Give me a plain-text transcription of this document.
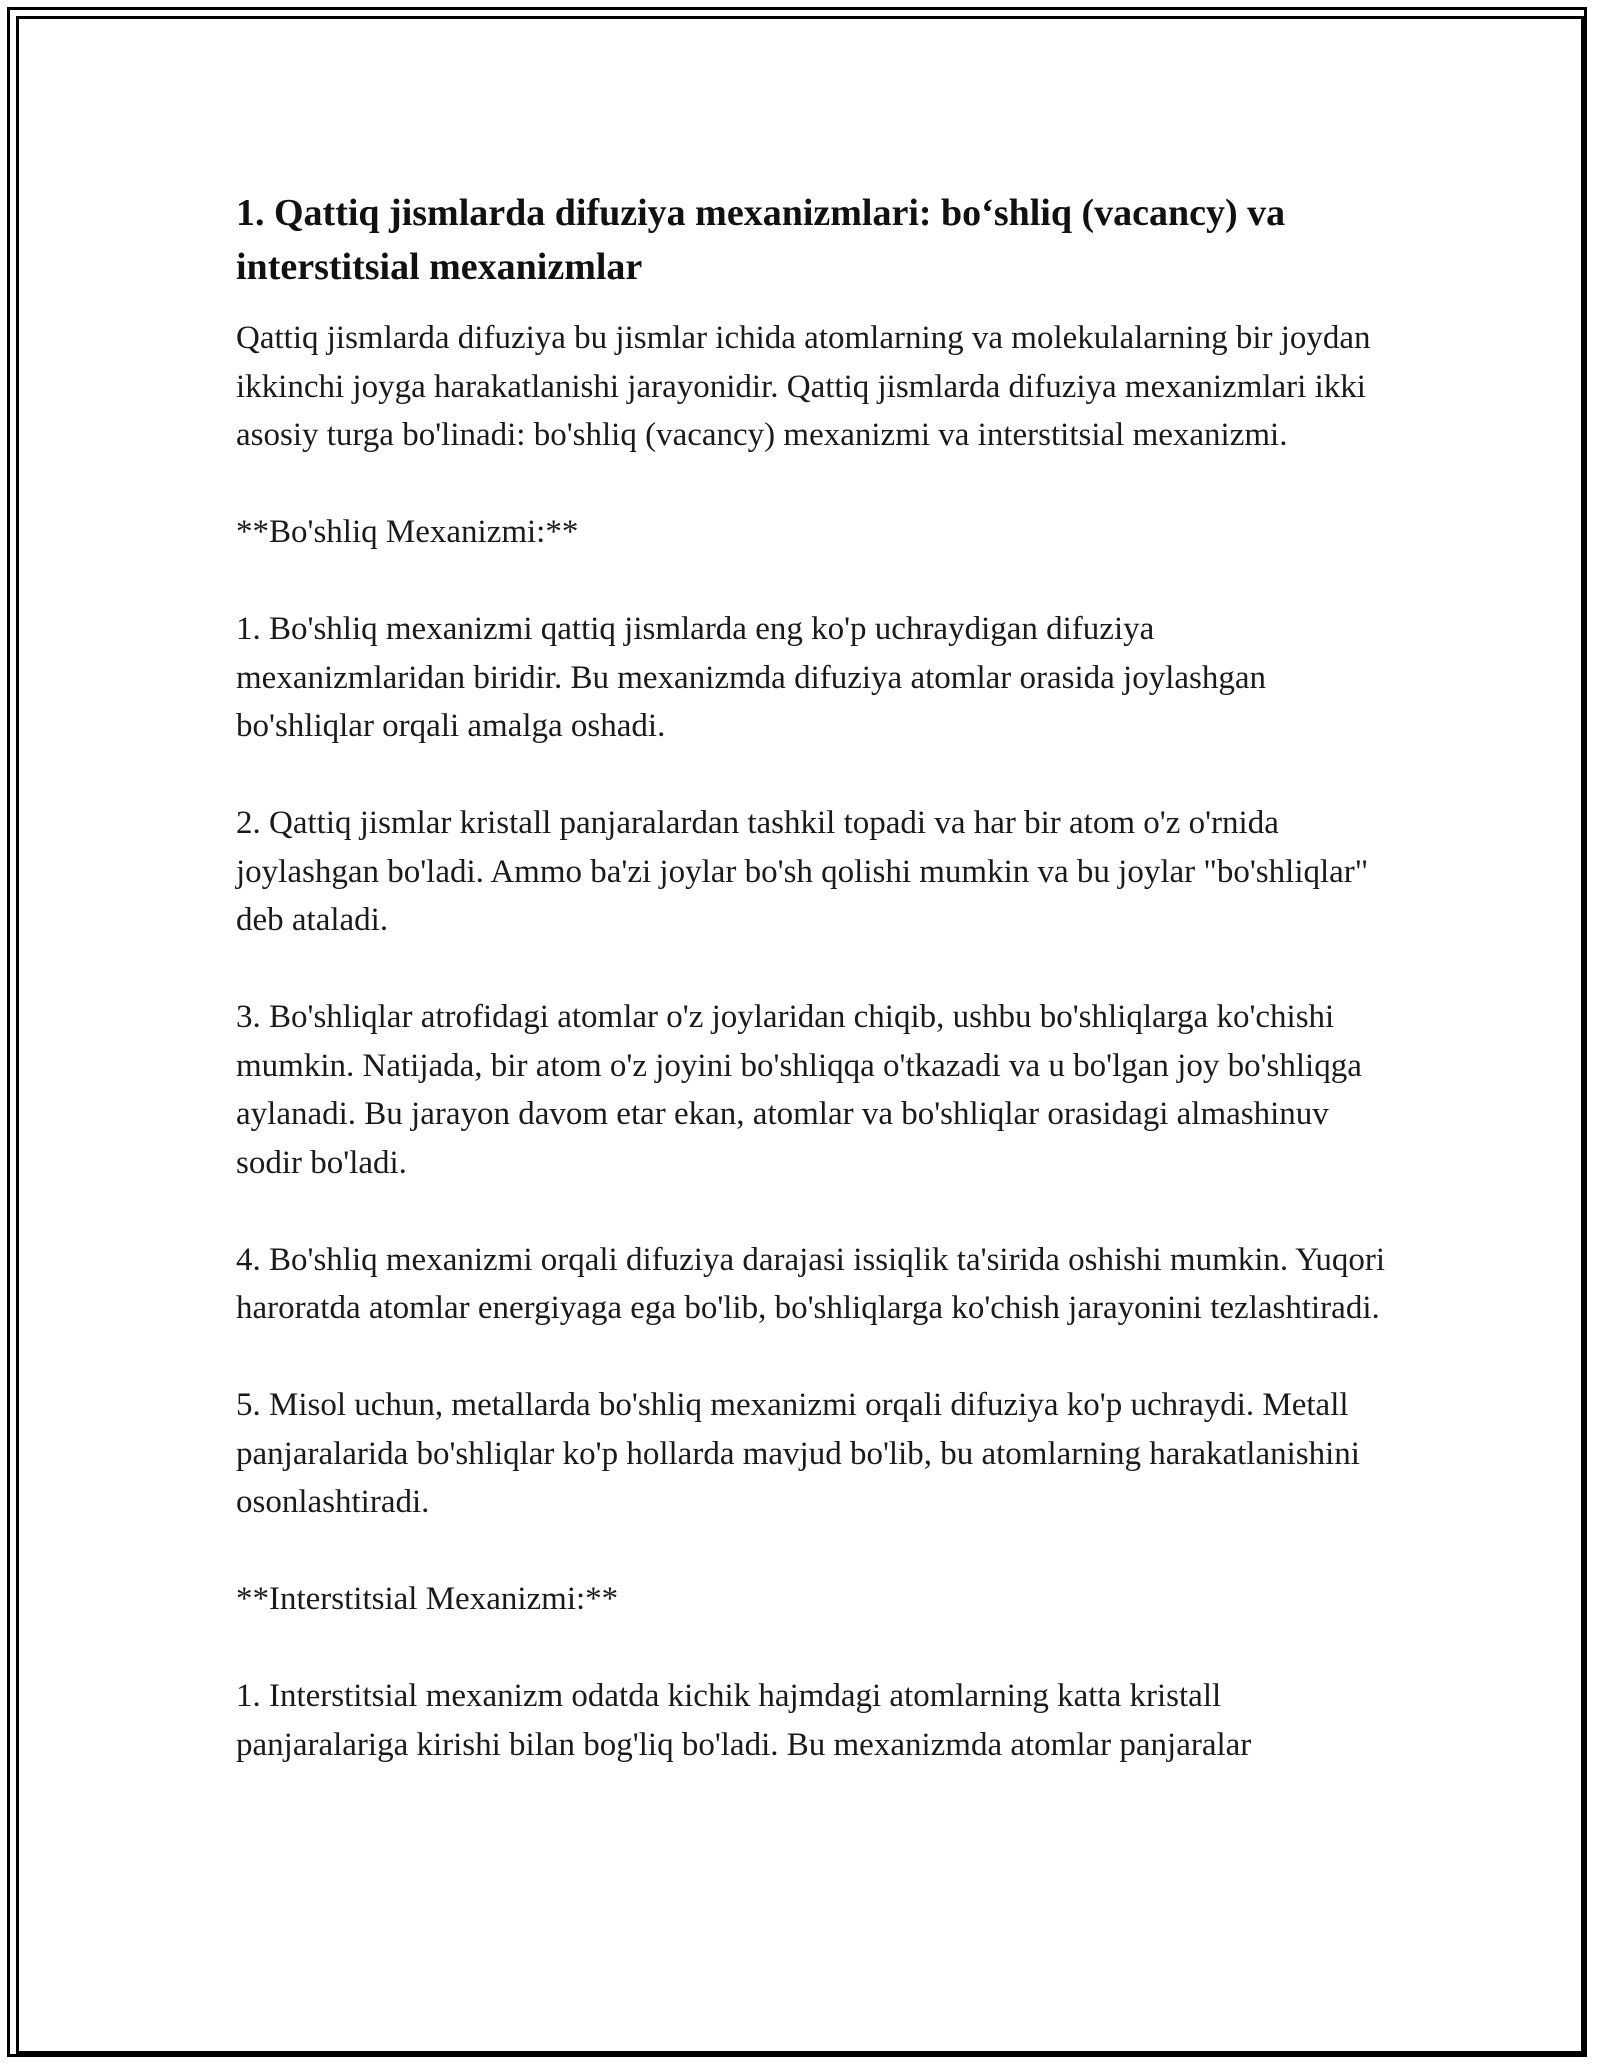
1. Qattiq jismlarda difuziya mexanizmlari: bo‘shliq (vacancy) va interstitsial mexanizmlar

Qattiq jismlarda difuziya bu jismlar ichida atomlarning va molekulalarning bir joydan ikkinchi joyga harakatlanishi jarayonidir. Qattiq jismlarda difuziya mexanizmlari ikki asosiy turga bo'linadi: bo'shliq (vacancy) mexanizmi va interstitsial mexanizmi.

**Bo'shliq Mexanizmi:**

1. Bo'shliq mexanizmi qattiq jismlarda eng ko'p uchraydigan difuziya mexanizmlaridan biridir. Bu mexanizmda difuziya atomlar orasida joylashgan bo'shliqlar orqali amalga oshadi.

2. Qattiq jismlar kristall panjaralardan tashkil topadi va har bir atom o'z o'rnida joylashgan bo'ladi. Ammo ba'zi joylar bo'sh qolishi mumkin va bu joylar "bo'shliqlar" deb ataladi.

3. Bo'shliqlar atrofidagi atomlar o'z joylaridan chiqib, ushbu bo'shliqlarga ko'chishi mumkin. Natijada, bir atom o'z joyini bo'shliqqa o'tkazadi va u bo'lgan joy bo'shliqga aylanadi. Bu jarayon davom etar ekan, atomlar va bo'shliqlar orasidagi almashinuv sodir bo'ladi.

4. Bo'shliq mexanizmi orqali difuziya darajasi issiqlik ta'sirida oshishi mumkin. Yuqori haroratda atomlar energiyaga ega bo'lib, bo'shliqlarga ko'chish jarayonini tezlashtiradi.

5. Misol uchun, metallarda bo'shliq mexanizmi orqali difuziya ko'p uchraydi. Metall panjaralarida bo'shliqlar ko'p hollarda mavjud bo'lib, bu atomlarning harakatlanishini osonlashtiradi.

**Interstitsial Mexanizmi:**

1. Interstitsial mexanizm odatda kichik hajmdagi atomlarning katta kristall panjaralariga kirishi bilan bog'liq bo'ladi. Bu mexanizmda atomlar panjaralar
